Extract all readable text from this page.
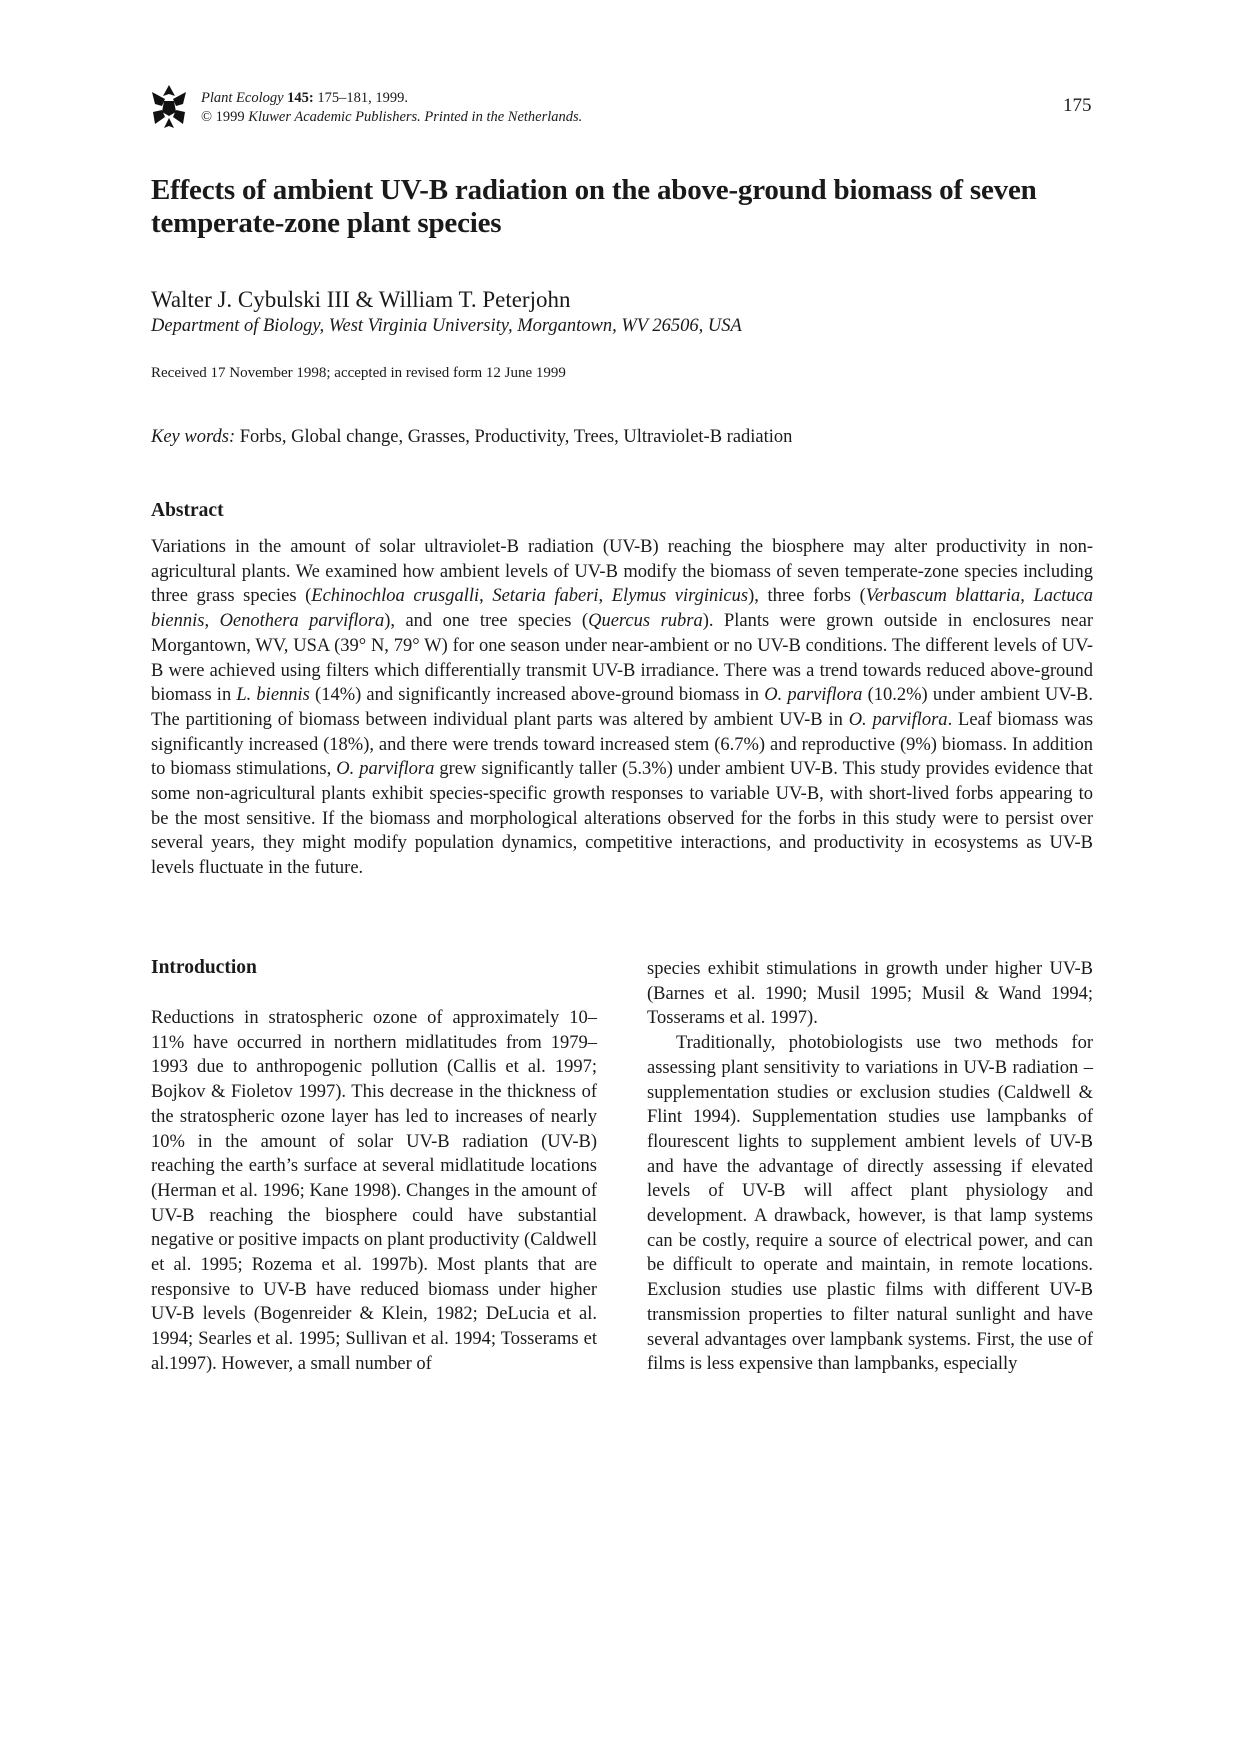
Plant Ecology 145: 175–181, 1999.
© 1999 Kluwer Academic Publishers. Printed in the Netherlands.
175
Effects of ambient UV-B radiation on the above-ground biomass of seven temperate-zone plant species
Walter J. Cybulski III & William T. Peterjohn
Department of Biology, West Virginia University, Morgantown, WV 26506, USA
Received 17 November 1998; accepted in revised form 12 June 1999
Key words: Forbs, Global change, Grasses, Productivity, Trees, Ultraviolet-B radiation
Abstract

Variations in the amount of solar ultraviolet-B radiation (UV-B) reaching the biosphere may alter productivity in non-agricultural plants. We examined how ambient levels of UV-B modify the biomass of seven temperate-zone species including three grass species (Echinochloa crusgalli, Setaria faberi, Elymus virginicus), three forbs (Verbascum blattaria, Lactuca biennis, Oenothera parviflora), and one tree species (Quercus rubra). Plants were grown outside in enclosures near Morgantown, WV, USA (39° N, 79° W) for one season under near-ambient or no UV-B conditions. The different levels of UV-B were achieved using filters which differentially transmit UV-B irradiance. There was a trend towards reduced above-ground biomass in L. biennis (14%) and significantly increased above-ground biomass in O. parviflora (10.2%) under ambient UV-B. The partitioning of biomass between individual plant parts was altered by ambient UV-B in O. parviflora. Leaf biomass was significantly increased (18%), and there were trends toward increased stem (6.7%) and reproductive (9%) biomass. In addition to biomass stimulations, O. parviflora grew significantly taller (5.3%) under ambient UV-B. This study provides evidence that some non-agricultural plants exhibit species-specific growth responses to variable UV-B, with short-lived forbs appearing to be the most sensitive. If the biomass and morphological alterations observed for the forbs in this study were to persist over several years, they might modify population dynamics, competitive interactions, and productivity in ecosystems as UV-B levels fluctuate in the future.

Introduction

Reductions in stratospheric ozone of approximately 10–11% have occurred in northern midlatitudes from 1979–1993 due to anthropogenic pollution (Callis et al. 1997; Bojkov & Fioletov 1997). This decrease in the thickness of the stratospheric ozone layer has led to increases of nearly 10% in the amount of solar UV-B radiation (UV-B) reaching the earth’s surface at several midlatitude locations (Herman et al. 1996; Kane 1998). Changes in the amount of UV-B reaching the biosphere could have substantial negative or positive impacts on plant productivity (Caldwell et al. 1995; Rozema et al. 1997b). Most plants that are responsive to UV-B have reduced biomass under higher UV-B levels (Bogenreider & Klein, 1982; DeLucia et al. 1994; Searles et al. 1995; Sullivan et al. 1994; Tosserams et al.1997). However, a small number of

species exhibit stimulations in growth under higher UV-B (Barnes et al. 1990; Musil 1995; Musil & Wand 1994; Tosserams et al. 1997).

Traditionally, photobiologists use two methods for assessing plant sensitivity to variations in UV-B radiation – supplementation studies or exclusion studies (Caldwell & Flint 1994). Supplementation studies use lampbanks of flourescent lights to supplement ambient levels of UV-B and have the advantage of directly assessing if elevated levels of UV-B will affect plant physiology and development. A drawback, however, is that lamp systems can be costly, require a source of electrical power, and can be difficult to operate and maintain, in remote locations. Exclusion studies use plastic films with different UV-B transmission properties to filter natural sunlight and have several advantages over lampbank systems. First, the use of films is less expensive than lampbanks, especially
